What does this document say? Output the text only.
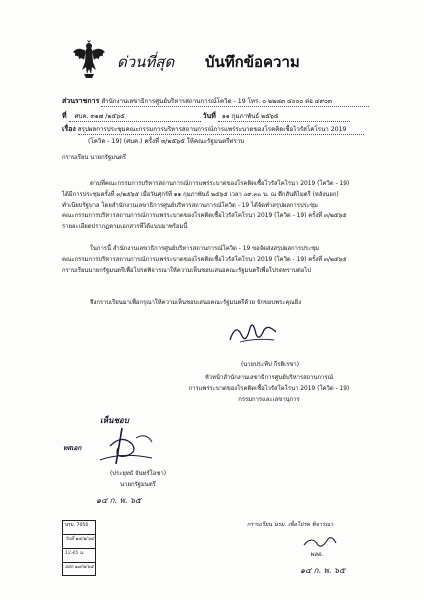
ด่วนที่สุด บันทึกข้อความ
ส่วนราชการ สำนักงานเลขาธิการศูนย์บริหารสถานการณ์โควิด - 19 โทร. ๐ ๒๒๘๓ ๔๐๐๐ ต่อ ๔๙๐๓
ที่ ศบค. ๓๑๗ /๒๕๖๕	วันที่ ๑๑ กุมภาพันธ์ ๒๕๖๕
เรื่อง สรุปผลการประชุมคณะกรรมการบริหารสถานการณ์การแพร่ระบาดของโรคติดเชื้อไวรัสโคโรนา 2019
(โควิด - 19) (ศบค.) ครั้งที่ ๓/๒๕๖๕ ให้คณะรัฐมนตรีทราบ
กราบเรียน นายกรัฐมนตรี
ตามที่คณะกรรมการบริหารสถานการณ์การแพร่ระบาดของโรคติดเชื้อไวรัสโคโรนา 2019 (โควิด - 19)
ได้มีการประชุมครั้งที่ ๓/๒๕๖๕ เมื่อวันศุกร์ที่ ๑๑ กุมภาพันธ์ ๒๕๖๕ เวลา ๐๙.๓๐ น. ณ ตึกสันติไมตรี (หลังนอก)
ทำเนียบรัฐบาล โดยสำนักงานเลขาธิการศูนย์บริหารสถานการณ์โควิด - 19 ได้จัดทำสรุปผลการประชุม
คณะกรรมการบริหารสถานการณ์การแพร่ระบาดของโรคติดเชื้อไวรัสโคโรนา 2019 (โควิด - 19) ครั้งที่ ๓/๒๕๖๕
รายละเอียดปรากฏตามเอกสารที่ได้แนบมาพร้อมนี้
ในการนี้ สำนักงานเลขาธิการศูนย์บริหารสถานการณ์โควิด - 19 ขอจัดส่งสรุปผลการประชุม
คณะกรรมการบริหารสถานการณ์การแพร่ระบาดของโรคติดเชื้อไวรัสโคโรนา 2019 (โควิด - 19) ครั้งที่ ๓/๒๕๖๕
กราบเรียนนายกรัฐมนตรีเพื่อโปรดพิจารณาให้ความเห็นชอบเสนอคณะรัฐมนตรีเพื่อโปรดทราบต่อไป
จึงกราบเรียนมาเพื่อกรุณาให้ความเห็นชอบเสนอคณะรัฐมนตรีด้วย จักขอบพระคุณยิ่ง
(นายประทีป กีรติเรขา)
หัวหน้าสำนักงานเลขาธิการศูนย์บริหารสถานการณ์
การแพร่ระบาดของโรคติดเชื้อไวรัสโคโรนา 2019 (โควิด - 19)
กรรมการและเลขานุการ
เห็นชอบ
ทสเอก
(ประยุทธ์ จันทร์โอชา)
นายกรัฐมนตรี
๑๔ ก. พ. ๖๕
นรม. 7050
วันที่ ๑๔/๒/๖๕
12.45 น.
ออก ๑๔/๒/๖๕
กราบเรียน นรม. เพื่อโปรด พิจารณา
พลอ.
๑๔ ก. พ. ๖๕
